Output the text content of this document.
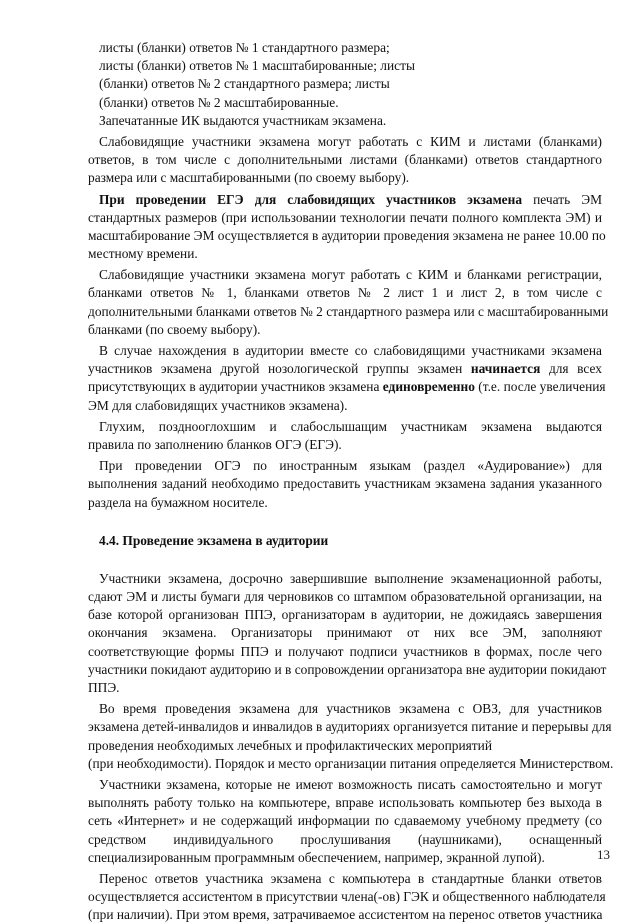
листы (бланки) ответов № 1 стандартного размера;
листы (бланки) ответов № 1 масштабированные; листы
(бланки) ответов № 2 стандартного размера; листы
(бланки) ответов № 2 масштабированные.
Запечатанные ИК выдаются участникам экзамена.
Слабовидящие участники экзамена могут работать с КИМ и листами (бланками)
ответов, в том числе с дополнительными листами (бланками) ответов стандартного
размера или с масштабированными (по своему выбору).
При проведении ЕГЭ для слабовидящих участников экзамена печать ЭМ
стандартных размеров (при использовании технологии печати полного комплекта ЭМ) и
масштабирование ЭМ осуществляется в аудитории проведения экзамена не ранее 10.00 по
местному времени.
Слабовидящие участники экзамена могут работать с КИМ и бланками регистрации,
бланками ответов № 1, бланками ответов № 2 лист 1 и лист 2, в том числе с
дополнительными бланками ответов № 2 стандартного размера или с масштабированными
бланками (по своему выбору).
В случае нахождения в аудитории вместе со слабовидящими участниками экзамена
участников экзамена другой нозологической группы экзамен начинается для всех
присутствующих в аудитории участников экзамена единовременно (т.е. после увеличения
ЭМ для слабовидящих участников экзамена).
Глухим, позднооглохшим и слабослышащим участникам экзамена выдаются
правила по заполнению бланков ОГЭ (ЕГЭ).
При проведении ОГЭ по иностранным языкам (раздел «Аудирование») для
выполнения заданий необходимо предоставить участникам экзамена задания указанного
раздела на бумажном носителе.
4.4. Проведение экзамена в аудитории
Участники экзамена, досрочно завершившие выполнение экзаменационной работы,
сдают ЭМ и листы бумаги для черновиков со штампом образовательной организации, на
базе которой организован ППЭ, организаторам в аудитории, не дожидаясь завершения
окончания экзамена. Организаторы принимают от них все ЭМ, заполняют
соответствующие формы ППЭ и получают подписи участников в формах, после чего
участники покидают аудиторию и в сопровождении организатора вне аудитории покидают
ППЭ.
Во время проведения экзамена для участников экзамена с ОВЗ, для участников
экзамена детей-инвалидов и инвалидов в аудиториях организуется питание и перерывы для
проведения необходимых лечебных и профилактических мероприятий
(при необходимости). Порядок и место организации питания определяется Министерством.
Участники экзамена, которые не имеют возможность писать самостоятельно и могут
выполнять работу только на компьютере, вправе использовать компьютер без выхода в
сеть «Интернет» и не содержащий информации по сдаваемому учебному предмету (со
средством индивидуального прослушивания (наушниками), оснащенный
специализированным программным обеспечением, например, экранной лупой).
Перенос ответов участника экзамена с компьютера в стандартные бланки ответов
осуществляется ассистентом в присутствии члена(-ов) ГЭК и общественного наблюдателя
(при наличии). При этом время, затрачиваемое ассистентом на перенос ответов участника
13
